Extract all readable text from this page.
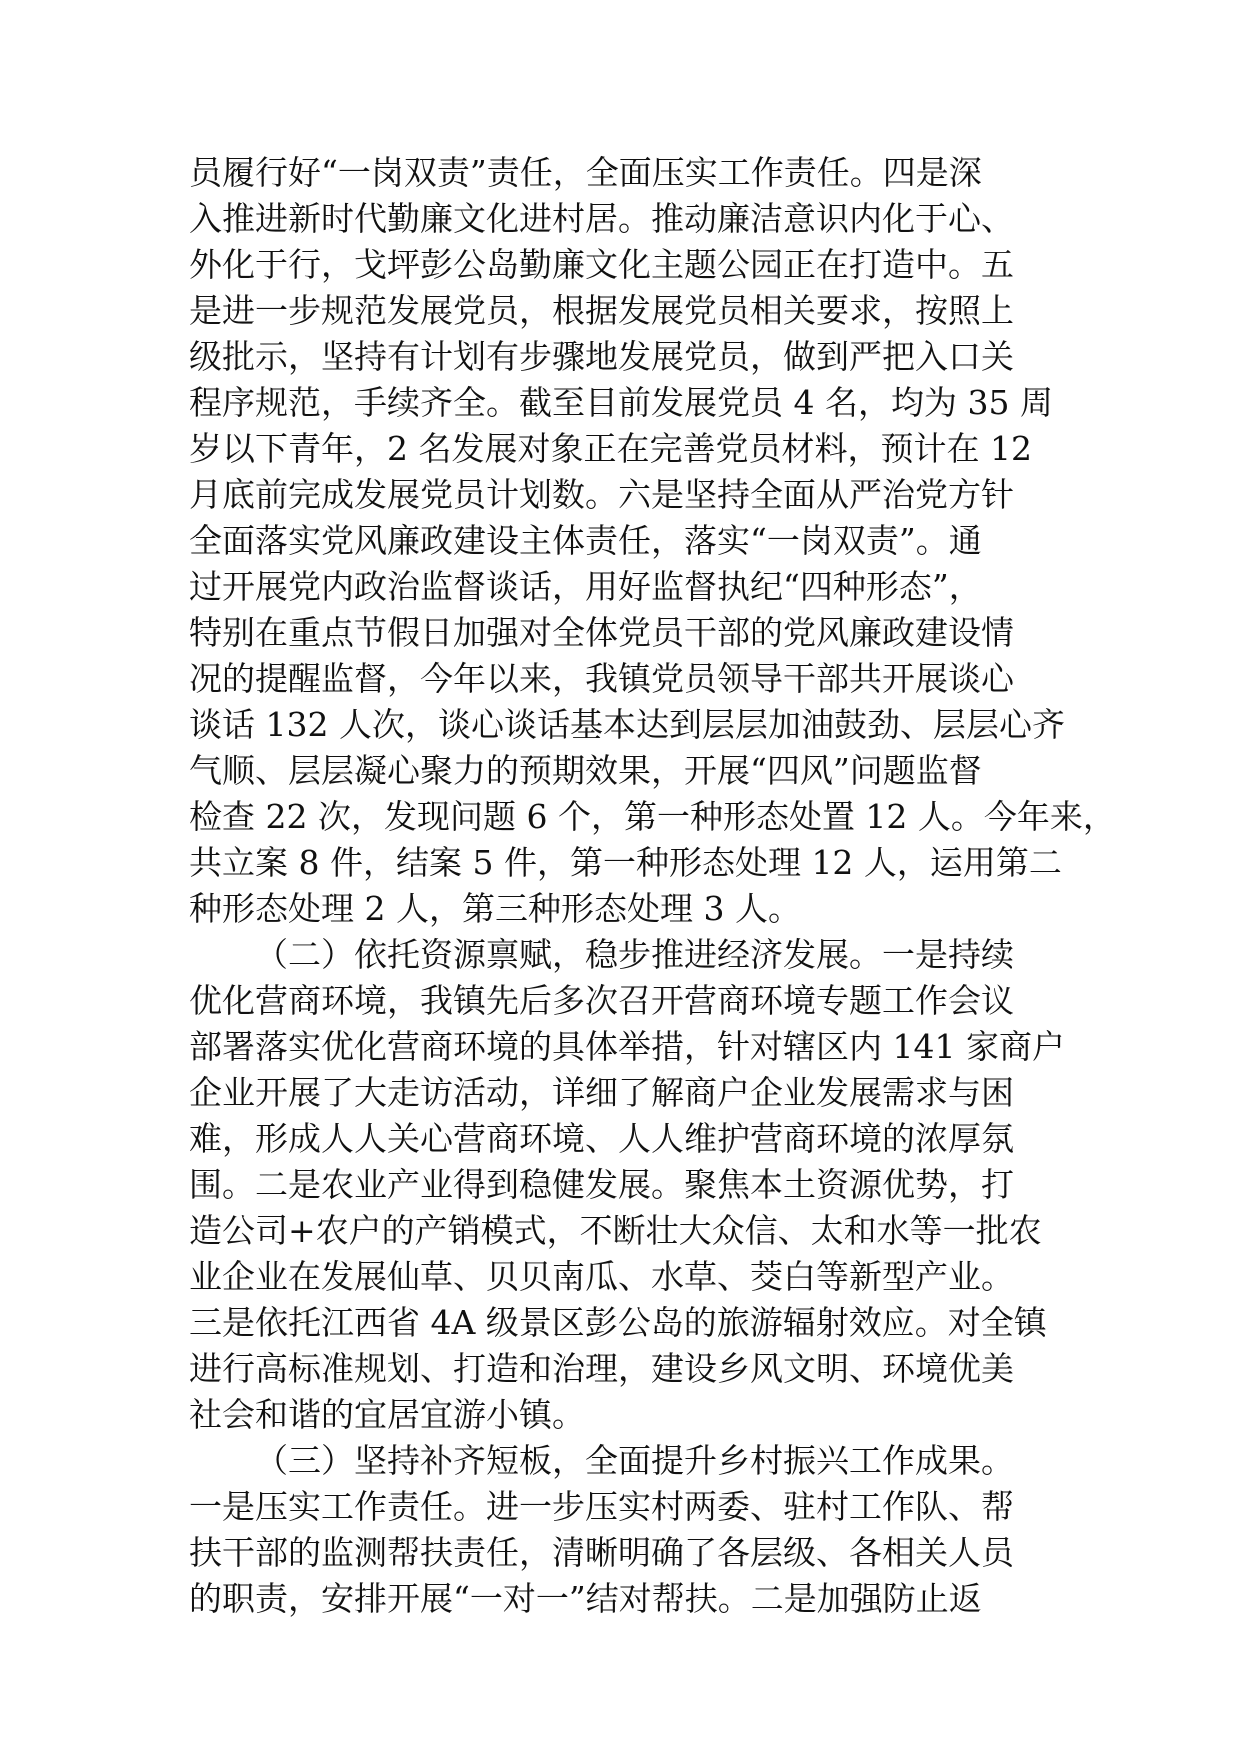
员履行好“一岗双责”责任，全面压实工作责任。四是深
入推进新时代勤廉文化进村居。推动廉洁意识内化于心、
外化于行，戈坪彭公岛勤廉文化主题公园正在打造中。五
是进一步规范发展党员，根据发展党员相关要求，按照上
级批示，坚持有计划有步骤地发展党员，做到严把入口关
程序规范，手续齐全。截至目前发展党员 4 名，均为 35 周
岁以下青年，2 名发展对象正在完善党员材料，预计在 12
月底前完成发展党员计划数。六是坚持全面从严治党方针
全面落实党风廉政建设主体责任，落实“一岗双责”。通
过开展党内政治监督谈话，用好监督执纪“四种形态”，
特别在重点节假日加强对全体党员干部的党风廉政建设情
况的提醒监督，今年以来，我镇党员领导干部共开展谈心
谈话 132 人次，谈心谈话基本达到层层加油鼓劲、层层心齐
气顺、层层凝心聚力的预期效果，开展“四风”问题监督
检查 22 次，发现问题 6 个，第一种形态处置 12 人。今年来，
共立案 8 件，结案 5 件，第一种形态处理 12 人，运用第二
种形态处理 2 人，第三种形态处理 3 人。
（二）依托资源禀赋，稳步推进经济发展。一是持续
优化营商环境，我镇先后多次召开营商环境专题工作会议
部署落实优化营商环境的具体举措，针对辖区内 141 家商户
企业开展了大走访活动，详细了解商户企业发展需求与困
难，形成人人关心营商环境、人人维护营商环境的浓厚氛
围。二是农业产业得到稳健发展。聚焦本土资源优势，打
造公司+农户的产销模式，不断壮大众信、太和水等一批农
业企业在发展仙草、贝贝南瓜、水草、茭白等新型产业。
三是依托江西省 4A 级景区彭公岛的旅游辐射效应。对全镇
进行高标准规划、打造和治理，建设乡风文明、环境优美
社会和谐的宜居宜游小镇。
（三）坚持补齐短板，全面提升乡村振兴工作成果。
一是压实工作责任。进一步压实村两委、驻村工作队、帮
扶干部的监测帮扶责任，清晰明确了各层级、各相关人员
的职责，安排开展“一对一”结对帮扶。二是加强防止返
